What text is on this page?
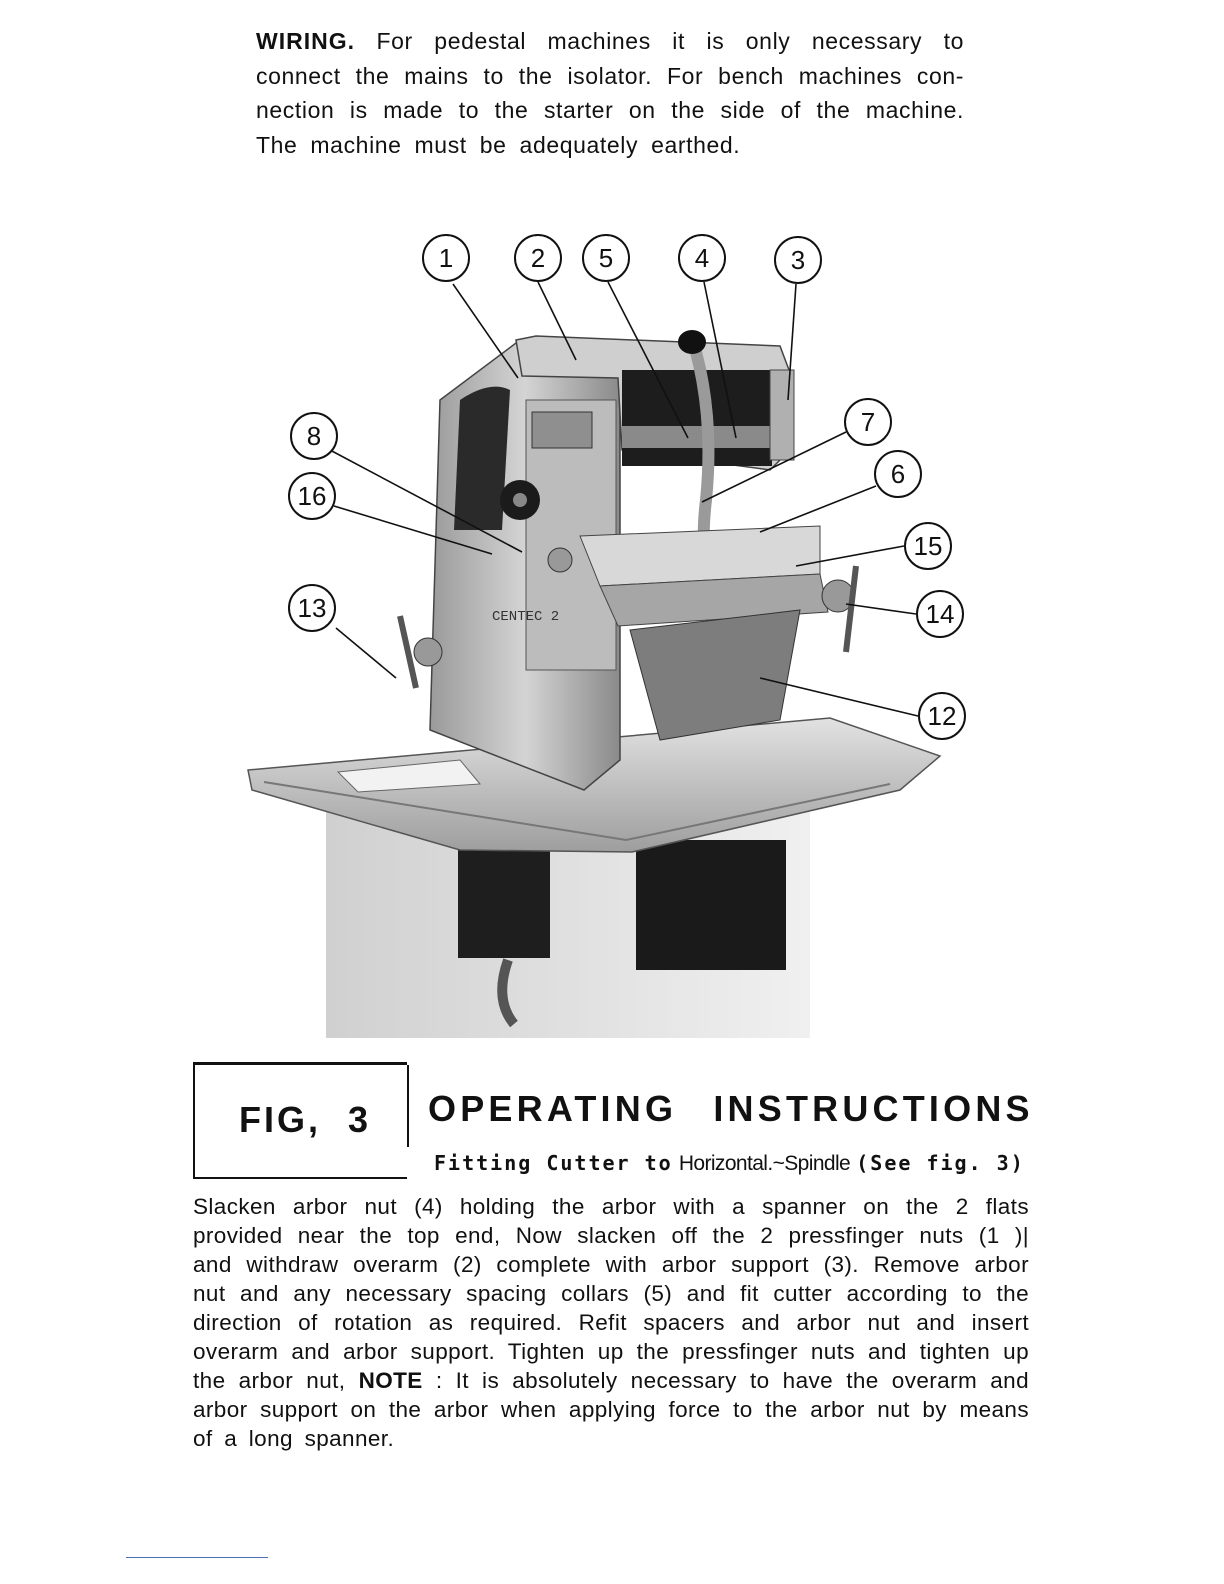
WIRING. For pedestal machines it is only necessary to connect the mains to the isolator. For bench machines con-nection is made to the starter on the side of the machine. The machine must be adequately earthed.

CENTEC 2
1	2 5	4	3
8
16
7
6
15
13	14
12
FIG, 3 OPERATING INSTRUCTIONS
Fitting Cutter to Horizontal.~Spindle (See fig. 3)

Slacken arbor nut (4) holding the arbor with a spanner on the 2 flats provided near the top end, Now slacken off the 2 pressfinger nuts (1 )| and withdraw overarm (2) complete with arbor support (3). Remove arbor nut and any necessary spacing collars (5) and fit cutter according to the direction of rotation as required. Refit spacers and arbor nut and insert overarm and arbor support. Tighten up the pressfinger nuts and tighten up the arbor nut, NOTE : It is absolutely necessary to have the overarm and arbor support on the arbor when applying force to the arbor nut by means of a long spanner.
